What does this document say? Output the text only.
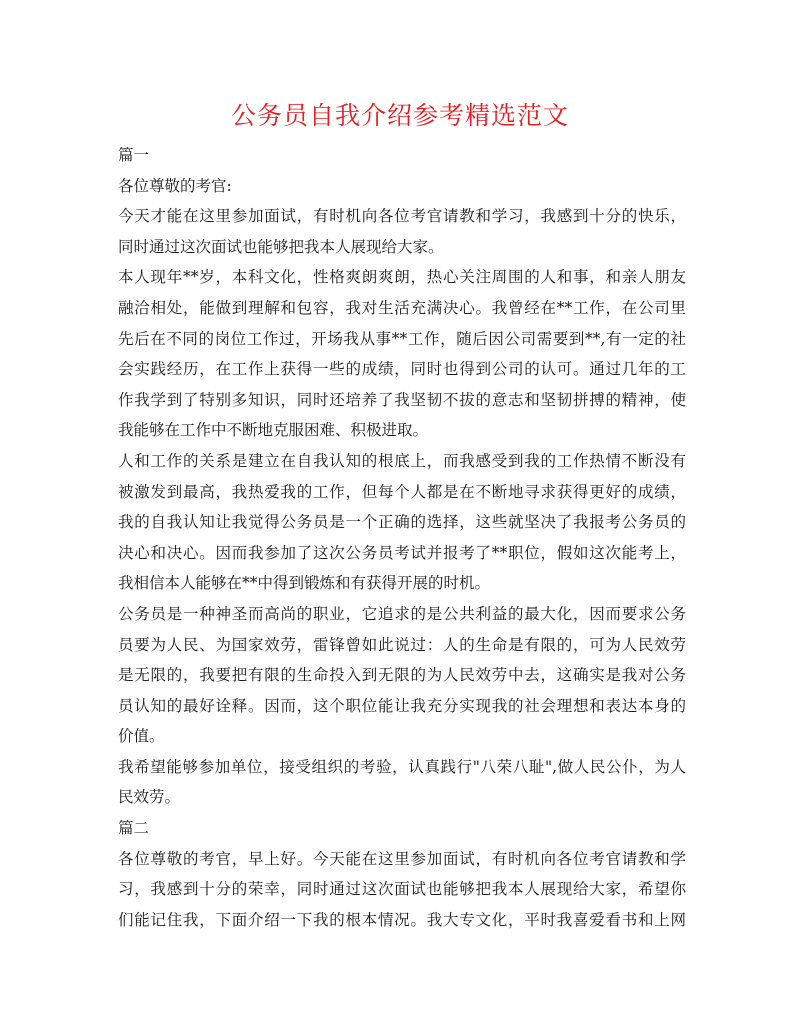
公务员自我介绍参考精选范文
篇一
各位尊敬的考官:
今天才能在这里参加面试，有时机向各位考官请教和学习，我感到十分的快乐，
同时通过这次面试也能够把我本人展现给大家。
本人现年**岁，本科文化，性格爽朗爽朗，热心关注周围的人和事，和亲人朋友
融洽相处，能做到理解和包容，我对生活充满决心。我曾经在**工作，在公司里
先后在不同的岗位工作过，开场我从事**工作，随后因公司需要到**,有一定的社
会实践经历，在工作上获得一些的成绩，同时也得到公司的认可。通过几年的工
作我学到了特别多知识，同时还培养了我坚韧不拔的意志和坚韧拼搏的精神，使
我能够在工作中不断地克服困难、积极进取。
人和工作的关系是建立在自我认知的根底上，而我感受到我的工作热情不断没有
被激发到最高，我热爱我的工作，但每个人都是在不断地寻求获得更好的成绩，
我的自我认知让我觉得公务员是一个正确的选择，这些就坚决了我报考公务员的
决心和决心。因而我参加了这次公务员考试并报考了**职位，假如这次能考上，
我相信本人能够在**中得到锻炼和有获得开展的时机。
公务员是一种神圣而高尚的职业，它追求的是公共利益的最大化，因而要求公务
员要为人民、为国家效劳，雷锋曾如此说过：人的生命是有限的，可为人民效劳
是无限的，我要把有限的生命投入到无限的为人民效劳中去，这确实是我对公务
员认知的最好诠释。因而，这个职位能让我充分实现我的社会理想和表达本身的
价值。
我希望能够参加单位，接受组织的考验，认真践行"八荣八耻",做人民公仆，为人
民效劳。
篇二
各位尊敬的考官，早上好。今天能在这里参加面试，有时机向各位考官请教和学
习，我感到十分的荣幸，同时通过这次面试也能够把我本人展现给大家，希望你
们能记住我，下面介绍一下我的根本情况。我大专文化，平时我喜爱看书和上网
